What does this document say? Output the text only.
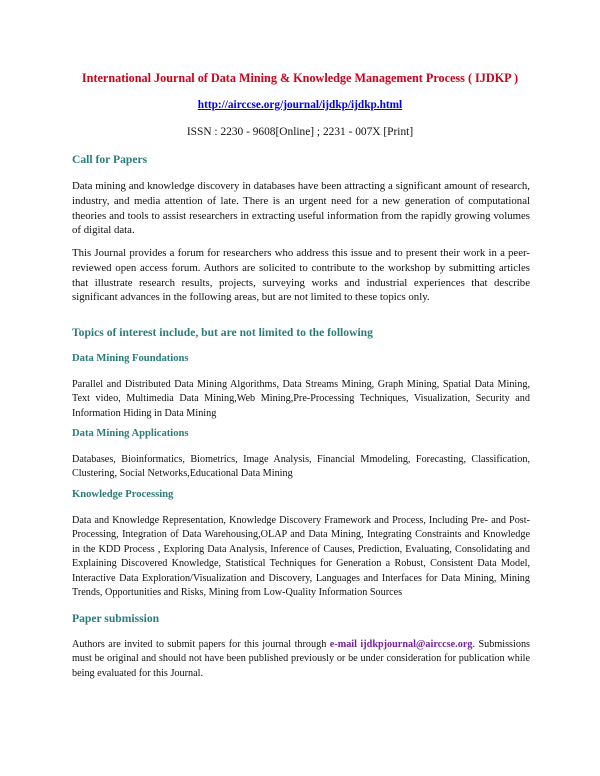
International Journal of Data Mining & Knowledge Management Process ( IJDKP )
http://airccse.org/journal/ijdkp/ijdkp.html
ISSN : 2230 - 9608[Online] ; 2231 - 007X [Print]
Call for Papers
Data mining and knowledge discovery in databases have been attracting a significant amount of research, industry, and media attention of late. There is an urgent need for a new generation of computational theories and tools to assist researchers in extracting useful information from the rapidly growing volumes of digital data.
This Journal provides a forum for researchers who address this issue and to present their work in a peer-reviewed open access forum. Authors are solicited to contribute to the workshop by submitting articles that illustrate research results, projects, surveying works and industrial experiences that describe significant advances in the following areas, but are not limited to these topics only.
Topics of interest include, but are not limited to the following
Data Mining Foundations
Parallel and Distributed Data Mining Algorithms, Data Streams Mining, Graph Mining, Spatial Data Mining, Text video, Multimedia Data Mining,Web Mining,Pre-Processing Techniques, Visualization, Security and Information Hiding in Data Mining
Data Mining Applications
Databases, Bioinformatics, Biometrics, Image Analysis, Financial Mmodeling, Forecasting, Classification, Clustering, Social Networks,Educational Data Mining
Knowledge Processing
Data and Knowledge Representation, Knowledge Discovery Framework and Process, Including Pre- and Post-Processing, Integration of Data Warehousing,OLAP and Data Mining, Integrating Constraints and Knowledge in the KDD Process , Exploring Data Analysis, Inference of Causes, Prediction, Evaluating, Consolidating and Explaining Discovered Knowledge, Statistical Techniques for Generation a Robust, Consistent Data Model, Interactive Data Exploration/Visualization and Discovery, Languages and Interfaces for Data Mining, Mining Trends, Opportunities and Risks, Mining from Low-Quality Information Sources
Paper submission
Authors are invited to submit papers for this journal through e-mail ijdkpjournal@airccse.org. Submissions must be original and should not have been published previously or be under consideration for publication while being evaluated for this Journal.
